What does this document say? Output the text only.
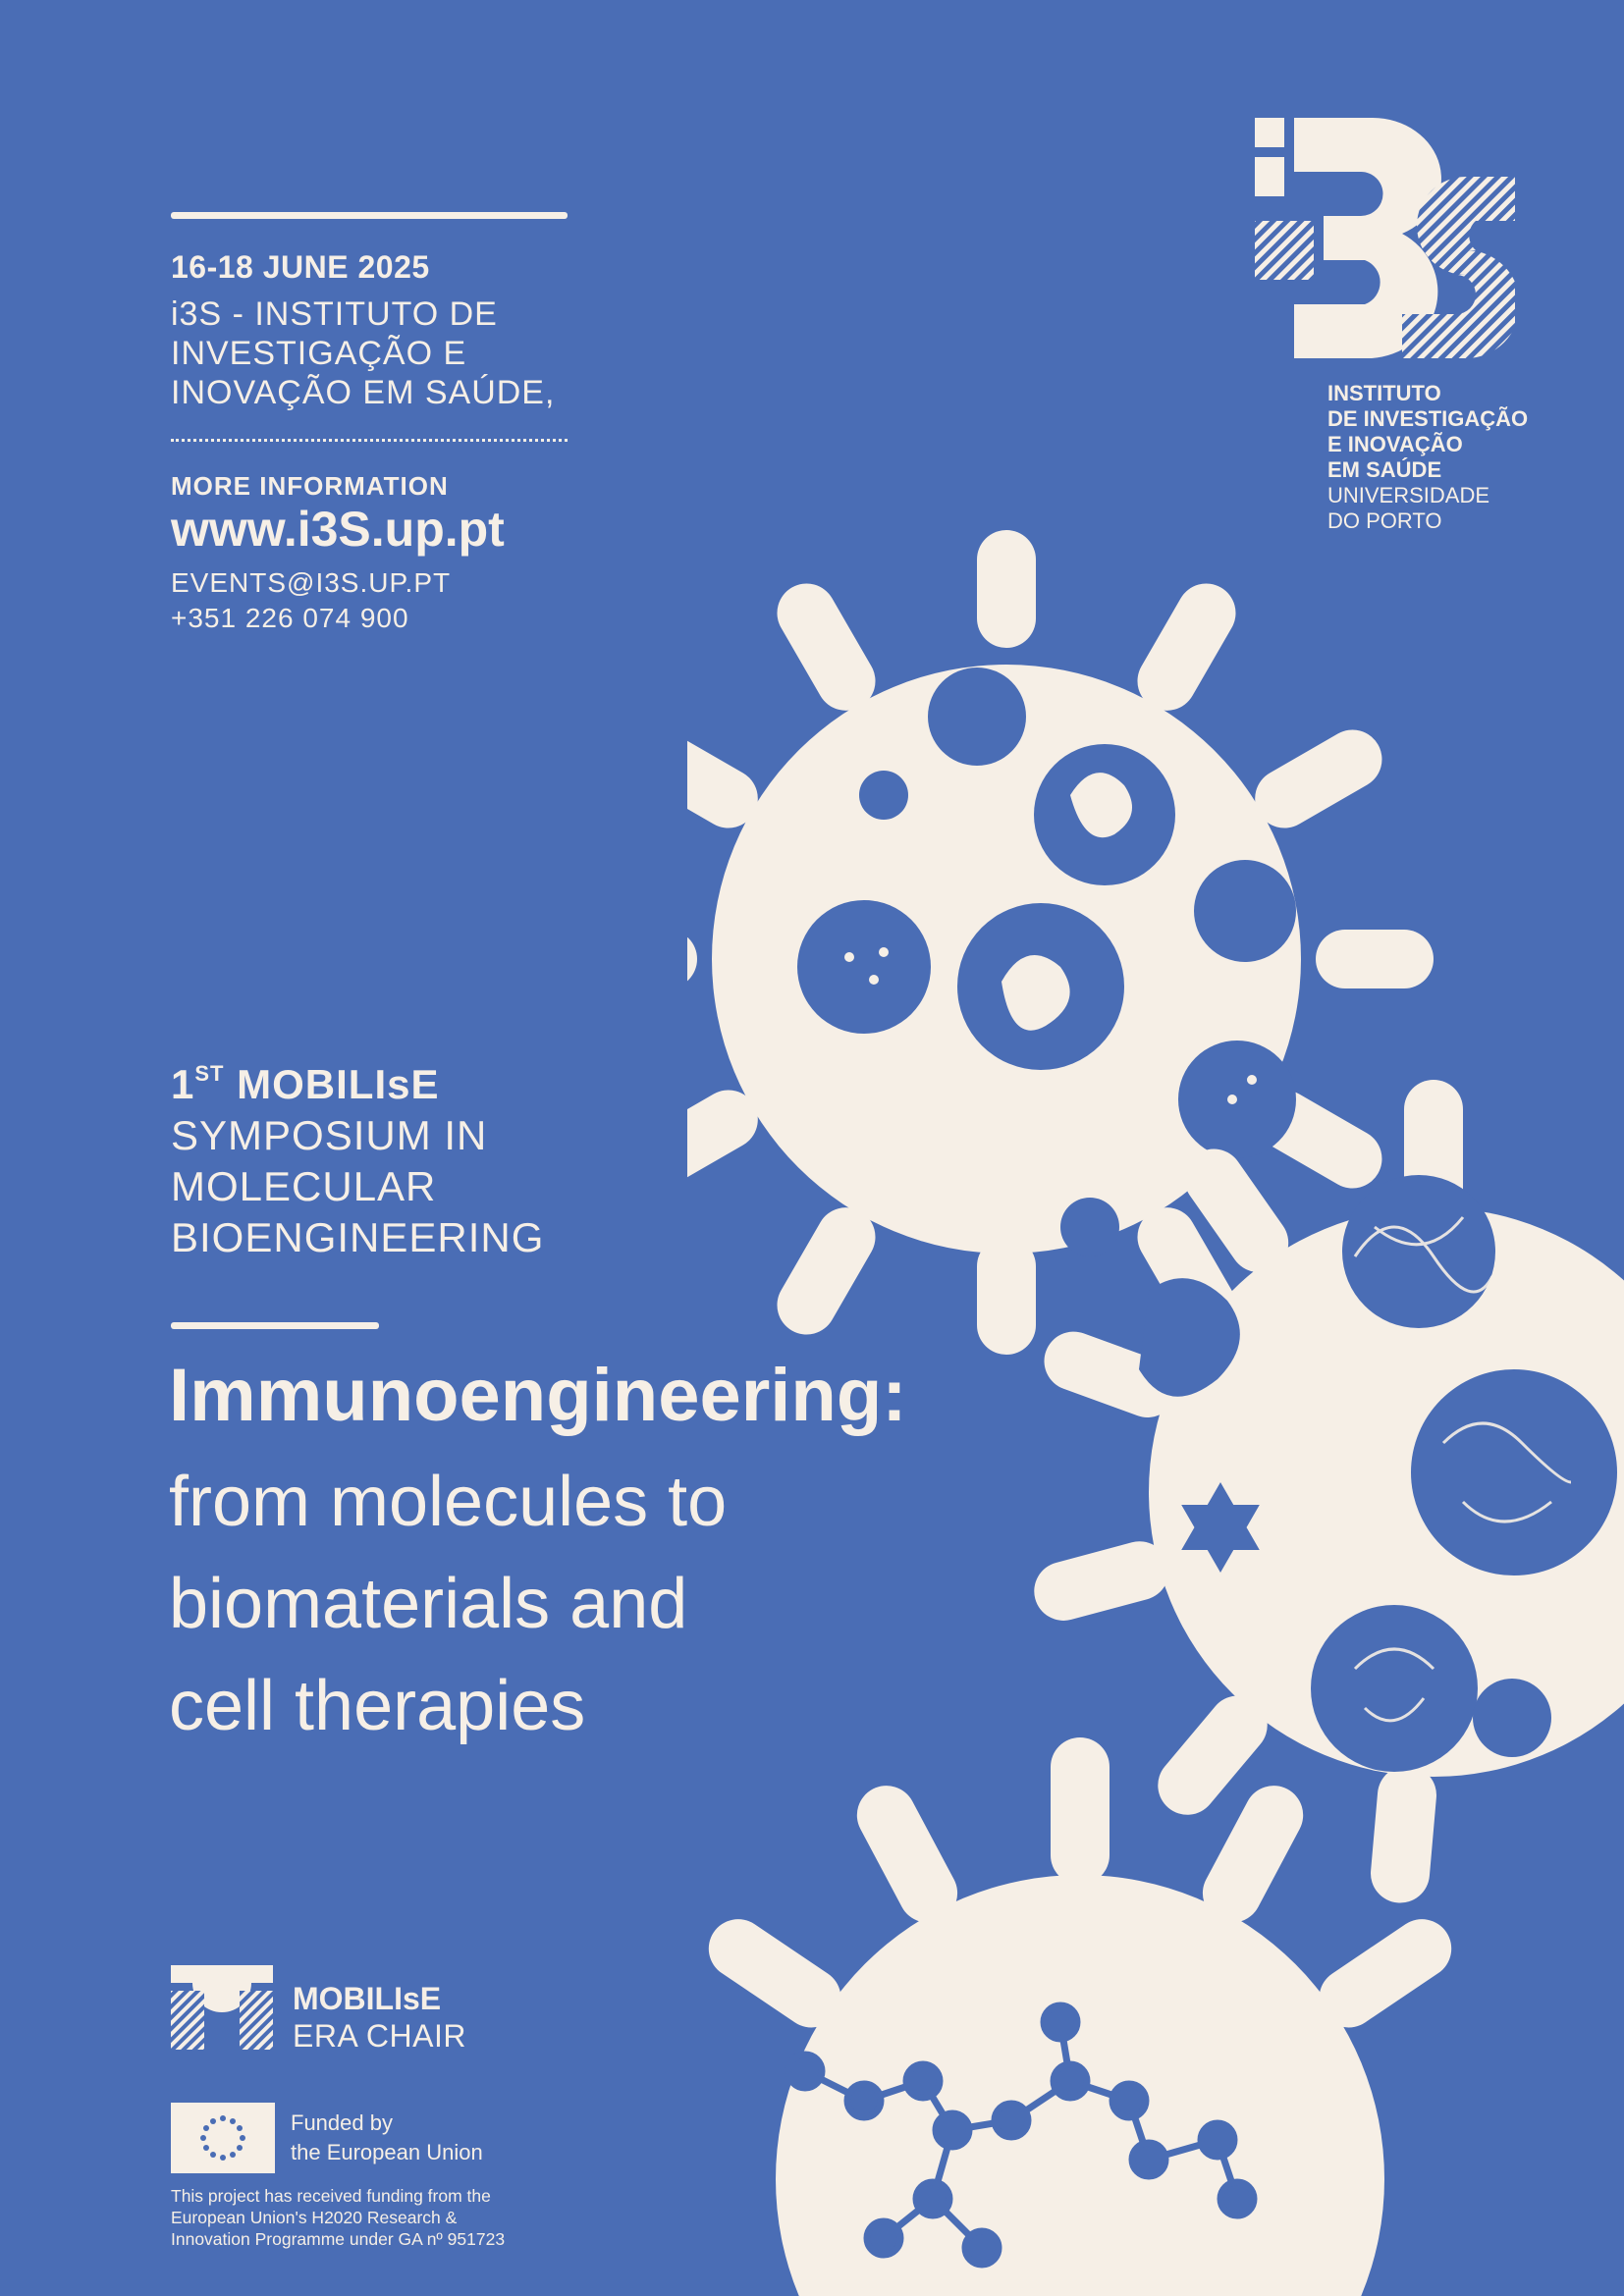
16-18 JUNE 2025
i3S - INSTITUTO DE
INVESTIGAÇÃO E
INOVAÇÃO EM SAÚDE,
MORE INFORMATION
www.i3S.up.pt
EVENTS@I3S.UP.PT
+351 226 074 900
INSTITUTO
DE INVESTIGAÇÃO
E INOVAÇÃO
EM SAÚDE
UNIVERSIDADE
DO PORTO
1ST MOBILIsE
SYMPOSIUM IN
MOLECULAR
BIOENGINEERING
Immunoengineering:
from molecules to
biomaterials and
cell therapies
MOBILIsE
ERA CHAIR
Funded by
the European Union
This project has received funding from the
European Union's H2020 Research &
Innovation Programme under GA nº 951723
